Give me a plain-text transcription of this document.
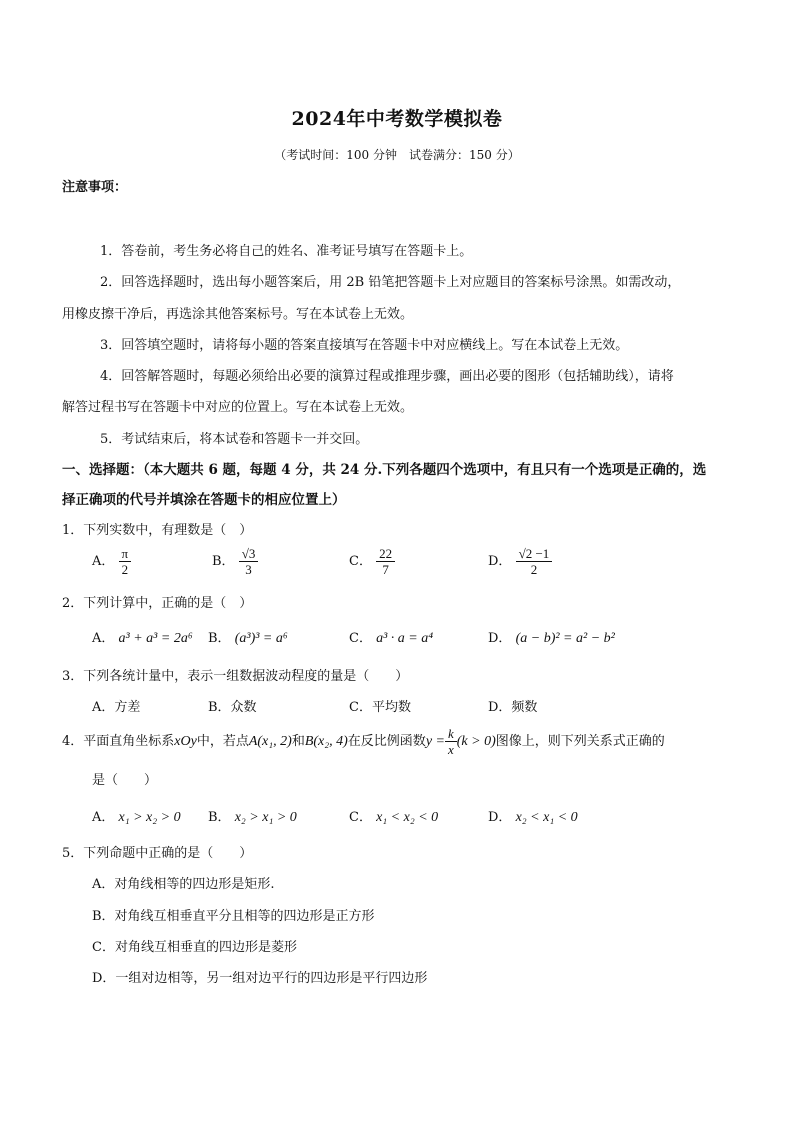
2024年中考数学模拟卷
（考试时间：100 分钟　试卷满分：150 分）
注意事项：
1．答卷前，考生务必将自己的姓名、准考证号填写在答题卡上。
2．回答选择题时，选出每小题答案后，用 2B 铅笔把答题卡上对应题目的答案标号涂黑。如需改动，
用橡皮擦干净后，再选涂其他答案标号。写在本试卷上无效。
3．回答填空题时，请将每小题的答案直接填写在答题卡中对应横线上。写在本试卷上无效。
4．回答解答题时，每题必须给出必要的演算过程或推理步骤，画出必要的图形（包括辅助线），请将
解答过程书写在答题卡中对应的位置上。写在本试卷上无效。
5．考试结束后，将本试卷和答题卡一并交回。
一、选择题：（本大题共 6 题，每题 4 分，共 24 分.下列各题四个选项中，有且只有一个选项是正确的，选
择正确项的代号并填涂在答题卡的相应位置上）
1．下列实数中，有理数是（　）
A． $\frac{\pi}{2}$	B． $\frac{√3}{3}$	C． $\frac{22}{7}$	D． $\frac{√2 -1}{2}$
2．下列计算中，正确的是（　）
A． a³ + a³ = 2a⁶ B． (a³)³ = a⁶	C． a³ · a = a⁴	D． (a − b)² = a² − b²
3．下列各统计量中，表示一组数据波动程度的量是（　　）
A．方差	B．众数	C．平均数	D．频数
4．平面直角坐标系xOy中，若点A(x₁, 2)和B(x₂, 4)在反比例函数$y = \frac{k}{x} (k > 0)$图像上，则下列关系式正确的
是（　　）
A． x₁ > x₂ > 0 B． x₂ > x₁ > 0	C． x₁ < x₂ < 0	D． x₂ < x₁ < 0
5．下列命题中正确的是（　　）
A．对角线相等的四边形是矩形.
B．对角线互相垂直平分且相等的四边形是正方形
C．对角线互相垂直的四边形是菱形
D．一组对边相等，另一组对边平行的四边形是平行四边形
